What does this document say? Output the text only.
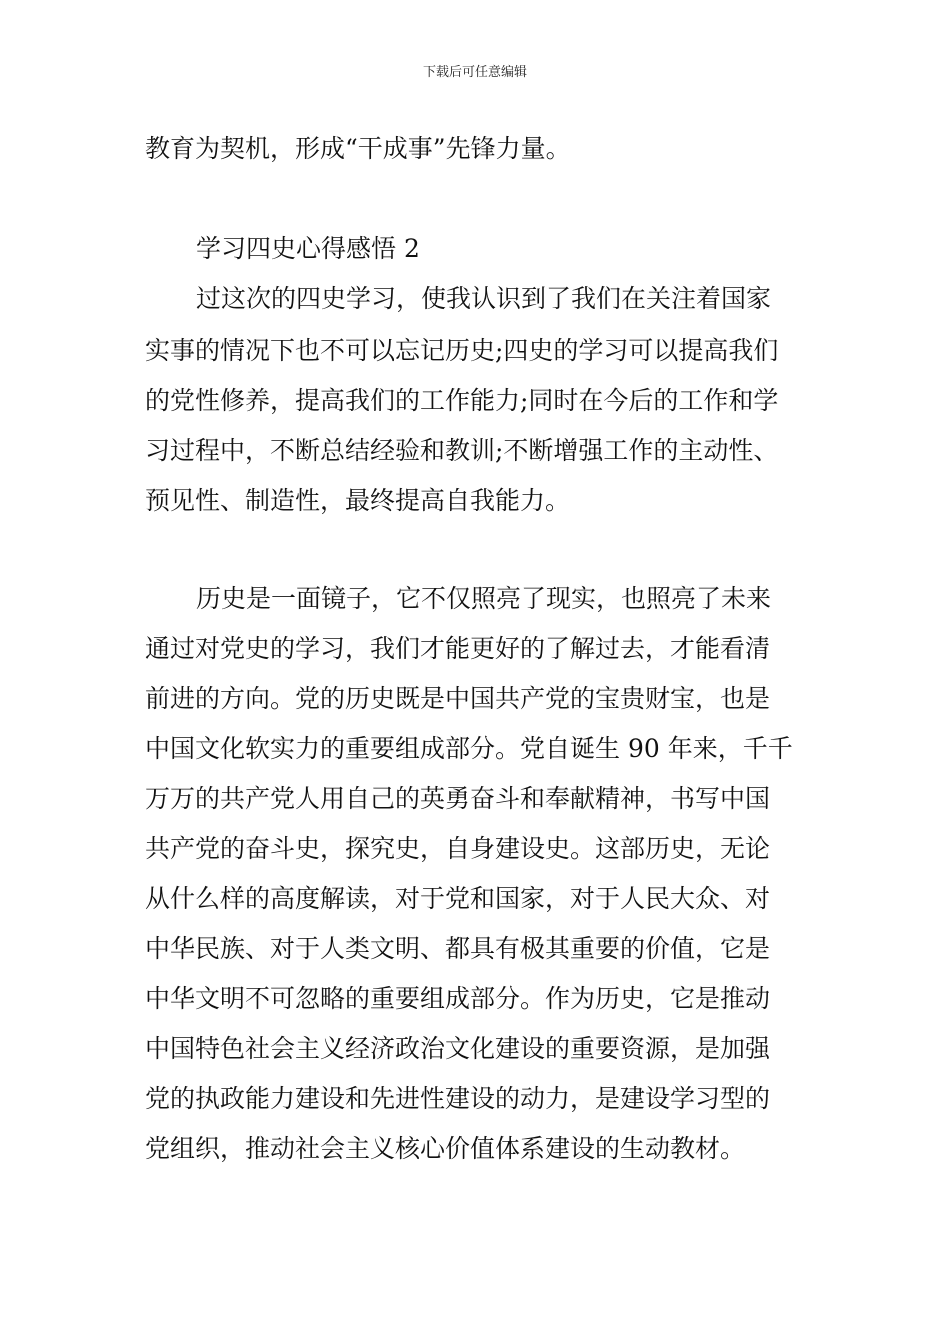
下载后可任意编辑
教育为契机，形成“干成事”先锋力量。
学习四史心得感悟 2
过这次的四史学习，使我认识到了我们在关注着国家
实事的情况下也不可以忘记历史;四史的学习可以提高我们
的党性修养，提高我们的工作能力;同时在今后的工作和学
习过程中，不断总结经验和教训;不断增强工作的主动性、
预见性、制造性，最终提高自我能力。
历史是一面镜子，它不仅照亮了现实，也照亮了未来
通过对党史的学习，我们才能更好的了解过去，才能看清
前进的方向。党的历史既是中国共产党的宝贵财宝，也是
中国文化软实力的重要组成部分。党自诞生 90 年来，千千
万万的共产党人用自己的英勇奋斗和奉献精神，书写中国
共产党的奋斗史，探究史，自身建设史。这部历史，无论
从什么样的高度解读，对于党和国家，对于人民大众、对
中华民族、对于人类文明、都具有极其重要的价值，它是
中华文明不可忽略的重要组成部分。作为历史，它是推动
中国特色社会主义经济政治文化建设的重要资源，是加强
党的执政能力建设和先进性建设的动力，是建设学习型的
党组织，推动社会主义核心价值体系建设的生动教材。
